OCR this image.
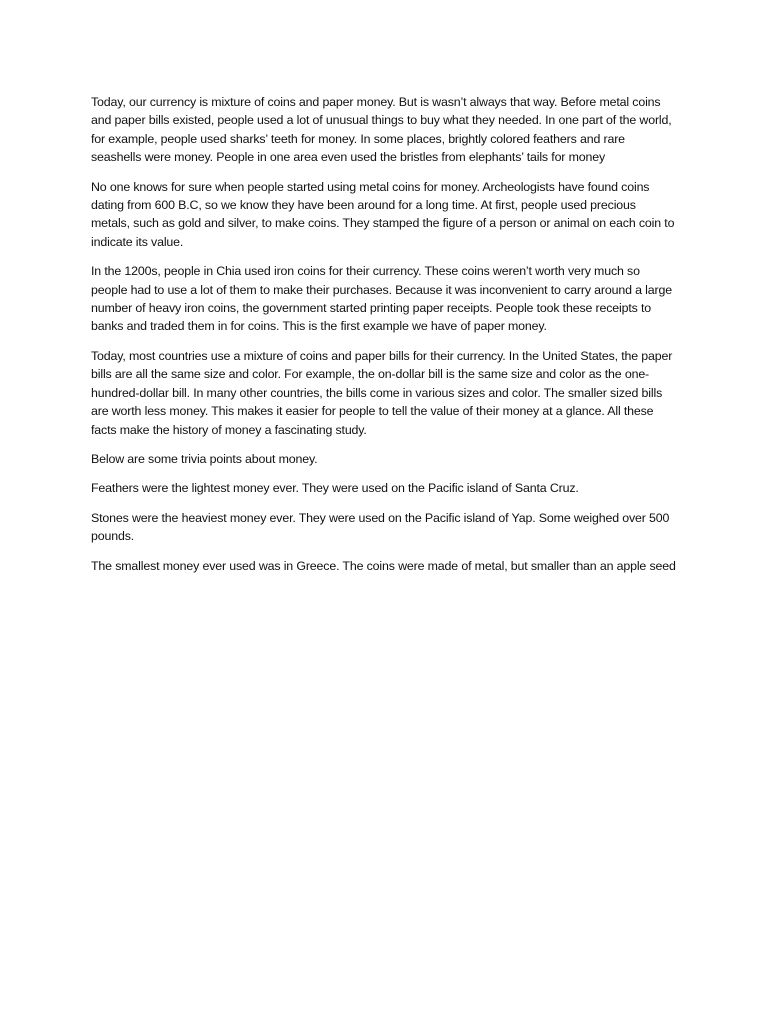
Today, our currency is mixture of coins and paper money. But is wasn’t always that way. Before metal coins and paper bills existed, people used a lot of unusual things to buy what they needed. In one part of the world, for example, people used sharks’ teeth for money. In some places, brightly colored feathers and rare seashells were money. People in one area even used the bristles from elephants’ tails for money

No one knows for sure when people started using metal coins for money. Archeologists have found coins dating from 600 B.C, so we know they have been around for a long time. At first, people used precious metals, such as gold and silver, to make coins. They stamped the figure of a person or animal on each coin to indicate its value.

In the 1200s, people in Chia used iron coins for their currency. These coins weren’t worth very much so people had to use a lot of them to make their purchases. Because it was inconvenient to carry around a large number of heavy iron coins, the government started printing paper receipts. People took these receipts to banks and traded them in for coins. This is the first example we have of paper money.

Today, most countries use a mixture of coins and paper bills for their currency. In the United States, the paper bills are all the same size and color. For example, the on-dollar bill is the same size and color as the one-hundred-dollar bill. In many other countries, the bills come in various sizes and color. The smaller sized bills are worth less money. This makes it easier for people to tell the value of their money at a glance. All these facts make the history of money a fascinating study.

Below are some trivia points about money.

Feathers were the lightest money ever. They were used on the Pacific island of Santa Cruz.

Stones were the heaviest money ever. They were used on the Pacific island of Yap. Some weighed over 500 pounds.

The smallest money ever used was in Greece. The coins were made of metal, but smaller than an apple seed
